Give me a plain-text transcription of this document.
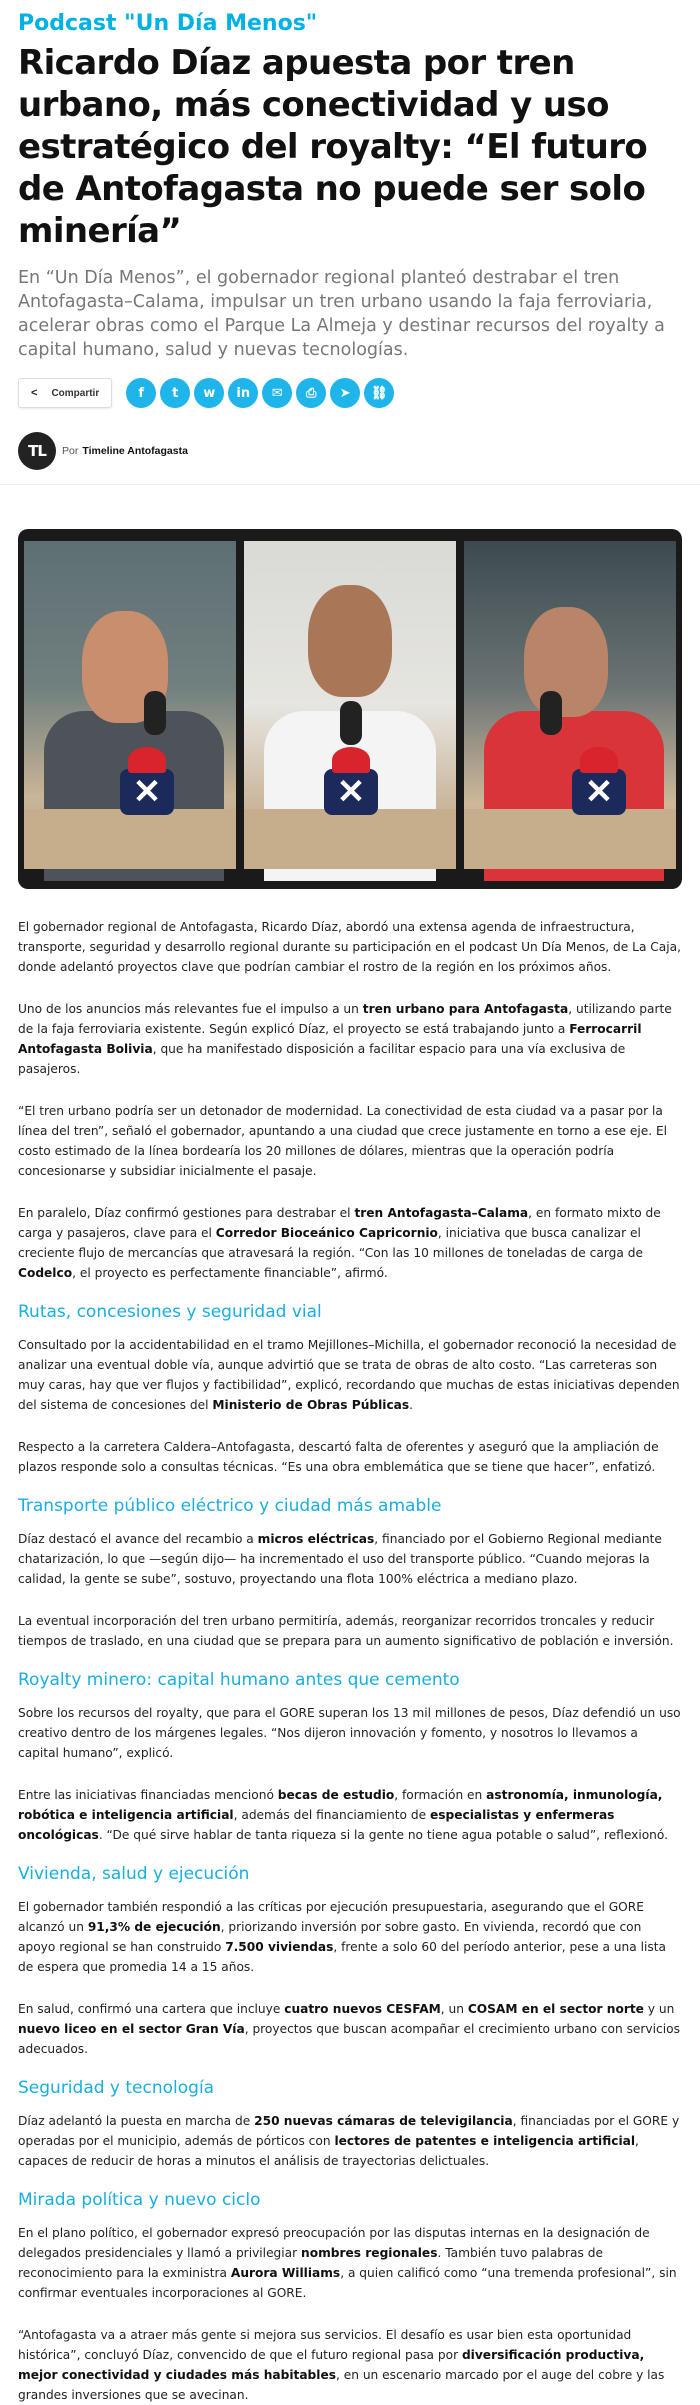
Podcast "Un Día Menos"
Ricardo Díaz apuesta por tren urbano, más conectividad y uso estratégico del royalty: “El futuro de Antofagasta no puede ser solo minería”
En “Un Día Menos”, el gobernador regional planteó destrabar el tren Antofagasta–Calama, impulsar un tren urbano usando la faja ferroviaria, acelerar obras como el Parque La Almeja y destinar recursos del royalty a capital humano, salud y nuevas tecnologías.
< Compartir	f	t	w	in	✉	⎙	➤	⛓
TL	Por Timeline Antofagasta
✕	✕	✕

El gobernador regional de Antofagasta, Ricardo Díaz, abordó una extensa agenda de infraestructura, transporte, seguridad y desarrollo regional durante su participación en el podcast Un Día Menos, de La Caja, donde adelantó proyectos clave que podrían cambiar el rostro de la región en los próximos años.

Uno de los anuncios más relevantes fue el impulso a un tren urbano para Antofagasta, utilizando parte de la faja ferroviaria existente. Según explicó Díaz, el proyecto se está trabajando junto a Ferrocarril Antofagasta Bolivia, que ha manifestado disposición a facilitar espacio para una vía exclusiva de pasajeros.

“El tren urbano podría ser un detonador de modernidad. La conectividad de esta ciudad va a pasar por la línea del tren”, señaló el gobernador, apuntando a una ciudad que crece justamente en torno a ese eje. El costo estimado de la línea bordearía los 20 millones de dólares, mientras que la operación podría concesionarse y subsidiar inicialmente el pasaje.

En paralelo, Díaz confirmó gestiones para destrabar el tren Antofagasta–Calama, en formato mixto de carga y pasajeros, clave para el Corredor Bioceánico Capricornio, iniciativa que busca canalizar el creciente flujo de mercancías que atravesará la región. “Con las 10 millones de toneladas de carga de Codelco, el proyecto es perfectamente financiable”, afirmó.

Rutas, concesiones y seguridad vial

Consultado por la accidentabilidad en el tramo Mejillones–Michilla, el gobernador reconoció la necesidad de analizar una eventual doble vía, aunque advirtió que se trata de obras de alto costo. “Las carreteras son muy caras, hay que ver flujos y factibilidad”, explicó, recordando que muchas de estas iniciativas dependen del sistema de concesiones del Ministerio de Obras Públicas.

Respecto a la carretera Caldera–Antofagasta, descartó falta de oferentes y aseguró que la ampliación de plazos responde solo a consultas técnicas. “Es una obra emblemática que se tiene que hacer”, enfatizó.

Transporte público eléctrico y ciudad más amable

Díaz destacó el avance del recambio a micros eléctricas, financiado por el Gobierno Regional mediante chatarización, lo que —según dijo— ha incrementado el uso del transporte público. “Cuando mejoras la calidad, la gente se sube”, sostuvo, proyectando una flota 100% eléctrica a mediano plazo.

La eventual incorporación del tren urbano permitiría, además, reorganizar recorridos troncales y reducir tiempos de traslado, en una ciudad que se prepara para un aumento significativo de población e inversión.

Royalty minero: capital humano antes que cemento

Sobre los recursos del royalty, que para el GORE superan los 13 mil millones de pesos, Díaz defendió un uso creativo dentro de los márgenes legales. “Nos dijeron innovación y fomento, y nosotros lo llevamos a capital humano”, explicó.

Entre las iniciativas financiadas mencionó becas de estudio, formación en astronomía, inmunología, robótica e inteligencia artificial, además del financiamiento de especialistas y enfermeras oncológicas. “De qué sirve hablar de tanta riqueza si la gente no tiene agua potable o salud”, reflexionó.

Vivienda, salud y ejecución

El gobernador también respondió a las críticas por ejecución presupuestaria, asegurando que el GORE alcanzó un 91,3% de ejecución, priorizando inversión por sobre gasto. En vivienda, recordó que con apoyo regional se han construido 7.500 viviendas, frente a solo 60 del período anterior, pese a una lista de espera que promedia 14 a 15 años.

En salud, confirmó una cartera que incluye cuatro nuevos CESFAM, un COSAM en el sector norte y un nuevo liceo en el sector Gran Vía, proyectos que buscan acompañar el crecimiento urbano con servicios adecuados.

Seguridad y tecnología

Díaz adelantó la puesta en marcha de 250 nuevas cámaras de televigilancia, financiadas por el GORE y operadas por el municipio, además de pórticos con lectores de patentes e inteligencia artificial, capaces de reducir de horas a minutos el análisis de trayectorias delictuales.

Mirada política y nuevo ciclo

En el plano político, el gobernador expresó preocupación por las disputas internas en la designación de delegados presidenciales y llamó a privilegiar nombres regionales. También tuvo palabras de reconocimiento para la exministra Aurora Williams, a quien calificó como “una tremenda profesional”, sin confirmar eventuales incorporaciones al GORE.

“Antofagasta va a atraer más gente si mejora sus servicios. El desafío es usar bien esta oportunidad histórica”, concluyó Díaz, convencido de que el futuro regional pasa por diversificación productiva, mejor conectividad y ciudades más habitables, en un escenario marcado por el auge del cobre y las grandes inversiones que se avecinan.
